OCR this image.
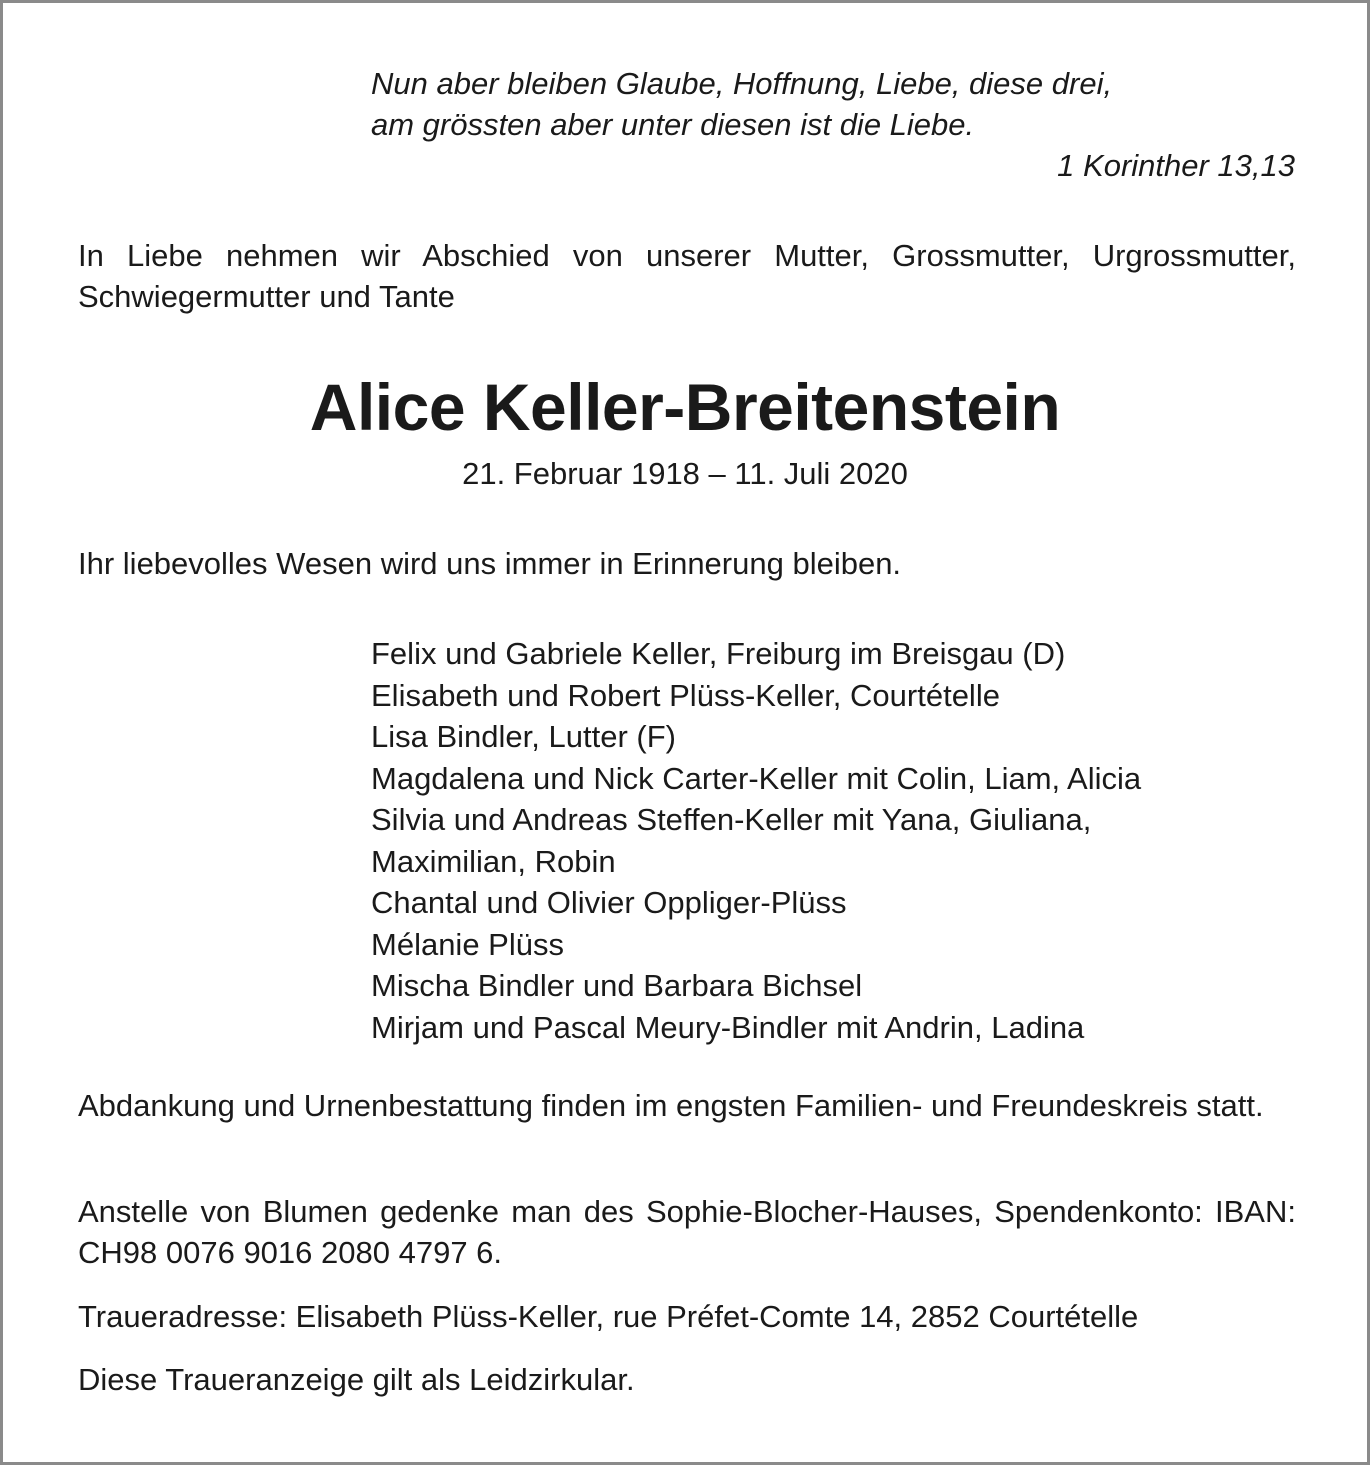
Nun aber bleiben Glaube, Hoffnung, Liebe, diese drei,
am grössten aber unter diesen ist die Liebe.
1 Korinther 13,13
In Liebe nehmen wir Abschied von unserer Mutter, Grossmutter, Urgrossmutter, Schwiegermutter und Tante
Alice Keller-Breitenstein
21. Februar 1918 – 11. Juli 2020
Ihr liebevolles Wesen wird uns immer in Erinnerung bleiben.
Felix und Gabriele Keller, Freiburg im Breisgau (D)
Elisabeth und Robert Plüss-Keller, Courtételle
Lisa Bindler, Lutter (F)
Magdalena und Nick Carter-Keller mit Colin, Liam, Alicia
Silvia und Andreas Steffen-Keller mit Yana, Giuliana,
Maximilian, Robin
Chantal und Olivier Oppliger-Plüss
Mélanie Plüss
Mischa Bindler und Barbara Bichsel
Mirjam und Pascal Meury-Bindler mit Andrin, Ladina
Abdankung und Urnenbestattung finden im engsten Familien- und Freundeskreis statt.
Anstelle von Blumen gedenke man des Sophie-Blocher-Hauses, Spendenkonto: IBAN: CH98 0076 9016 2080 4797 6.
Traueradresse: Elisabeth Plüss-Keller, rue Préfet-Comte 14, 2852 Courtételle
Diese Traueranzeige gilt als Leidzirkular.
